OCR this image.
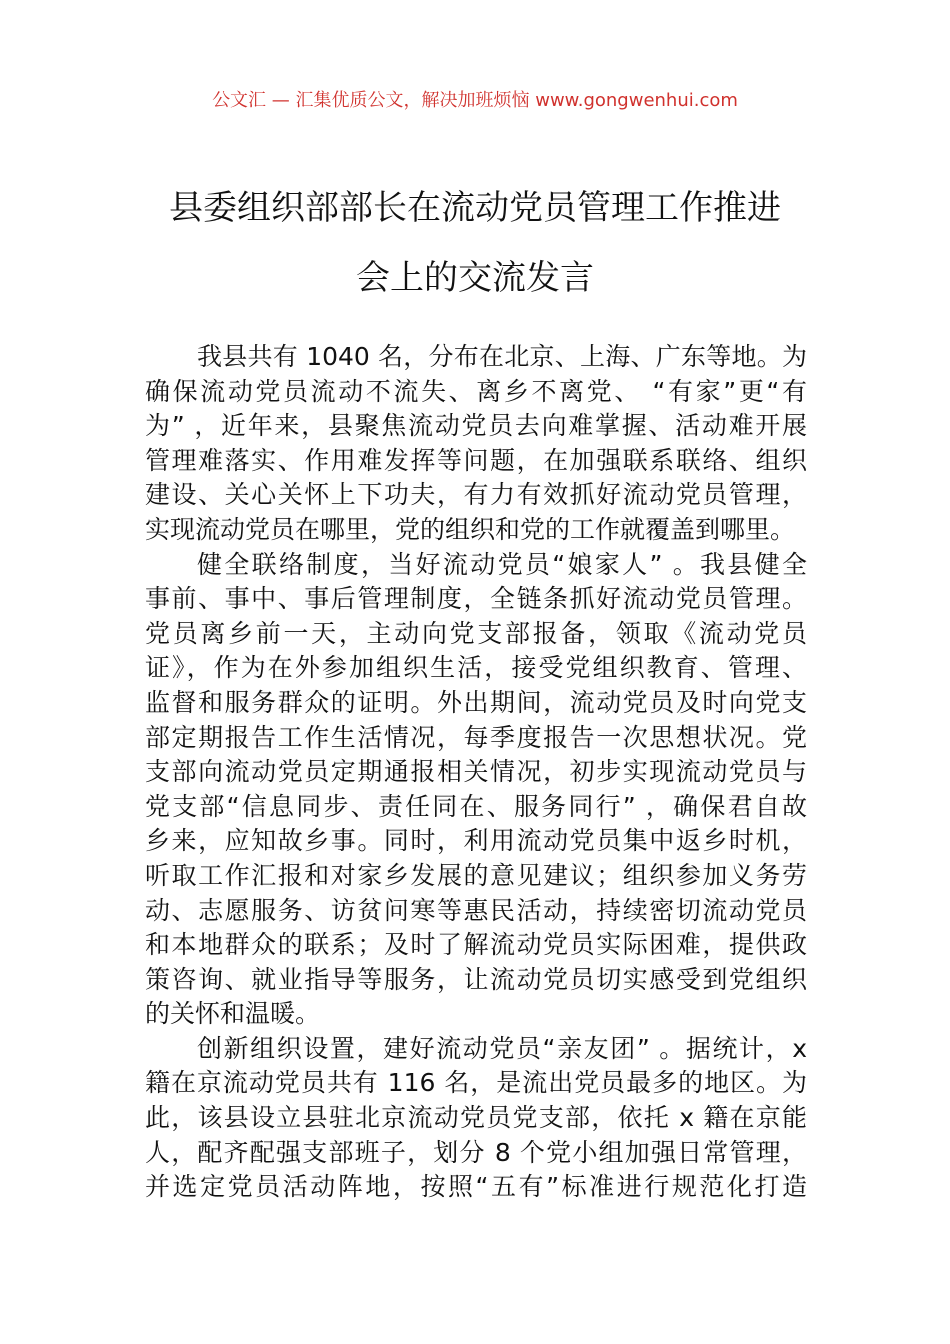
公文汇 — 汇集优质公文，解决加班烦恼 www.gongwenhui.com
县委组织部部长在流动党员管理工作推进
会上的交流发言
我县共有 1040 名，分布在北京、上海、广东等地。为
确保流动党员流动不流失、离乡不离党、 “有家”更“有
为” ，近年来，县聚焦流动党员去向难掌握、活动难开展
管理难落实、作用难发挥等问题，在加强联系联络、组织
建设、关心关怀上下功夫，有力有效抓好流动党员管理，
实现流动党员在哪里，党的组织和党的工作就覆盖到哪里。
健全联络制度，当好流动党员“娘家人” 。我县健全
事前、事中、事后管理制度，全链条抓好流动党员管理。
党员离乡前一天，主动向党支部报备，领取《流动党员
证》，作为在外参加组织生活，接受党组织教育、管理、
监督和服务群众的证明。外出期间，流动党员及时向党支
部定期报告工作生活情况，每季度报告一次思想状况。党
支部向流动党员定期通报相关情况，初步实现流动党员与
党支部“信息同步、责任同在、服务同行” ，确保君自故
乡来，应知故乡事。同时，利用流动党员集中返乡时机，
听取工作汇报和对家乡发展的意见建议；组织参加义务劳
动、志愿服务、访贫问寒等惠民活动，持续密切流动党员
和本地群众的联系；及时了解流动党员实际困难，提供政
策咨询、就业指导等服务，让流动党员切实感受到党组织
的关怀和温暖。
创新组织设置，建好流动党员“亲友团” 。据统计，x
籍在京流动党员共有 116 名，是流出党员最多的地区。为
此，该县设立县驻北京流动党员党支部，依托 x 籍在京能
人，配齐配强支部班子，划分 8 个党小组加强日常管理，
并选定党员活动阵地，按照“五有”标准进行规范化打造
